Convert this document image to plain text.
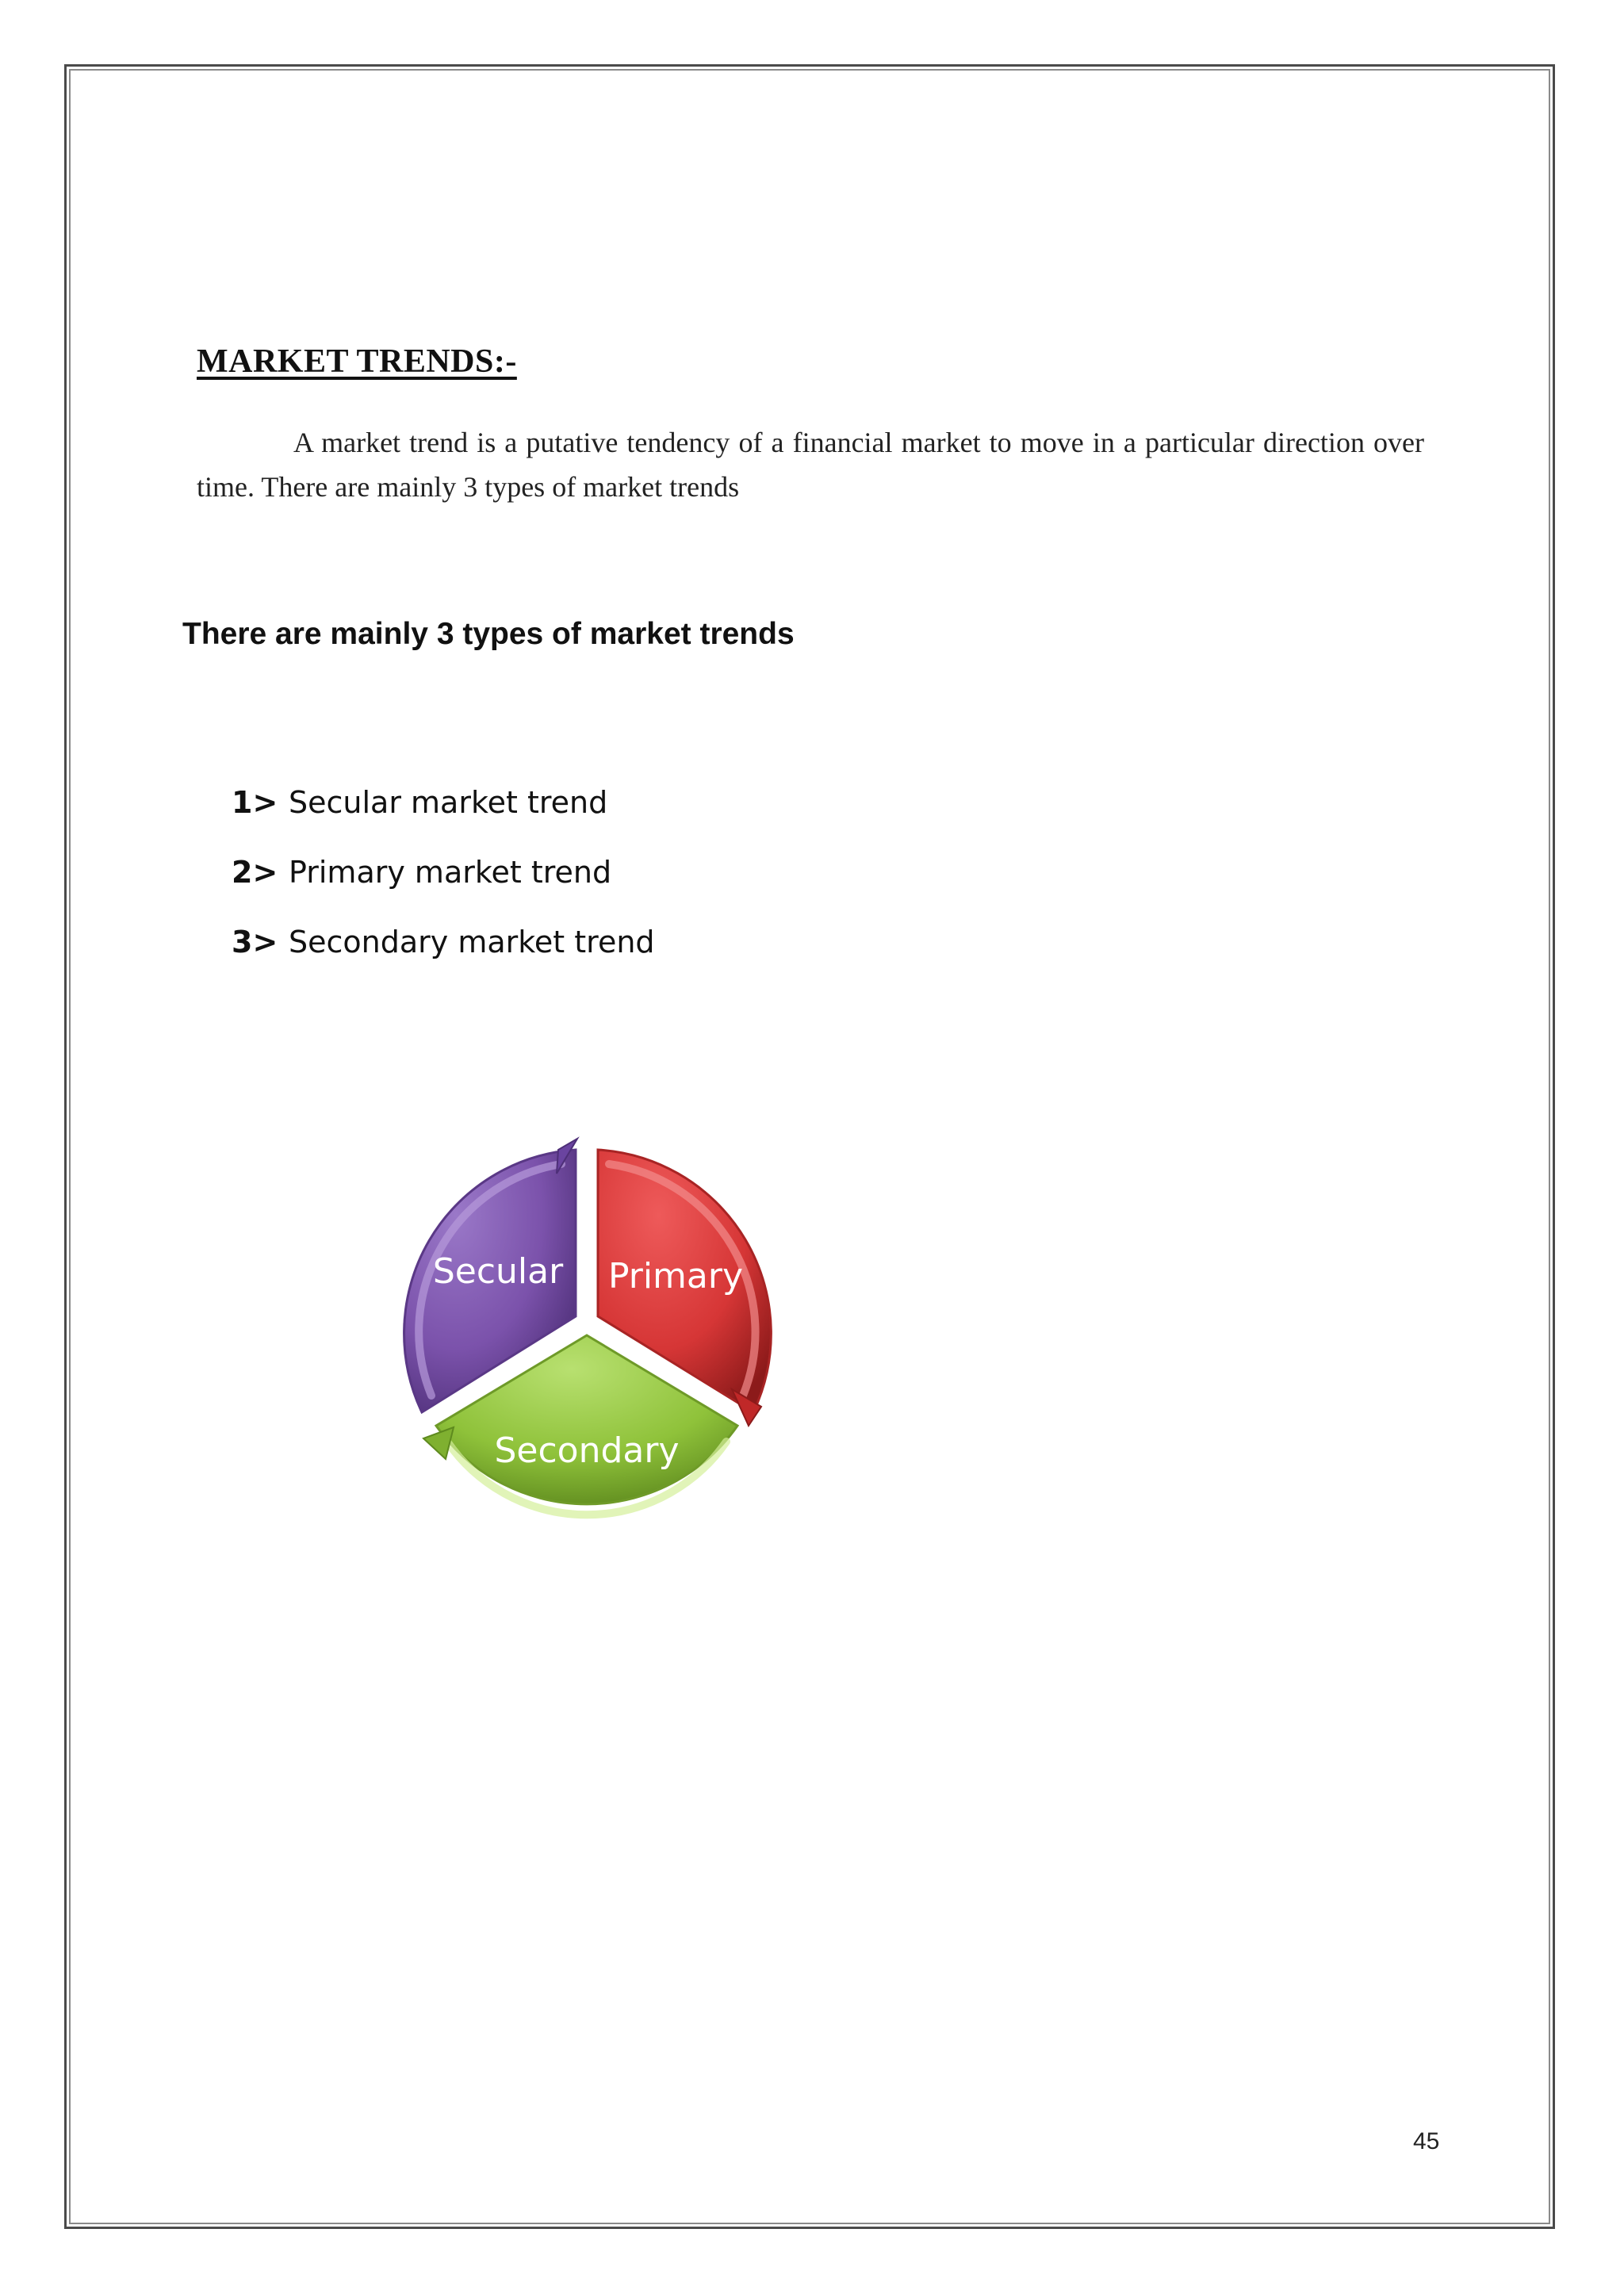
MARKET TRENDS:-
A market trend is a putative tendency of a financial market to move in a particular direction over time. There are mainly 3 types of market trends
There are mainly 3 types of market trends
1> Secular market trend
2> Primary market trend
3> Secondary market trend
Secular Primary
Secondary
45
